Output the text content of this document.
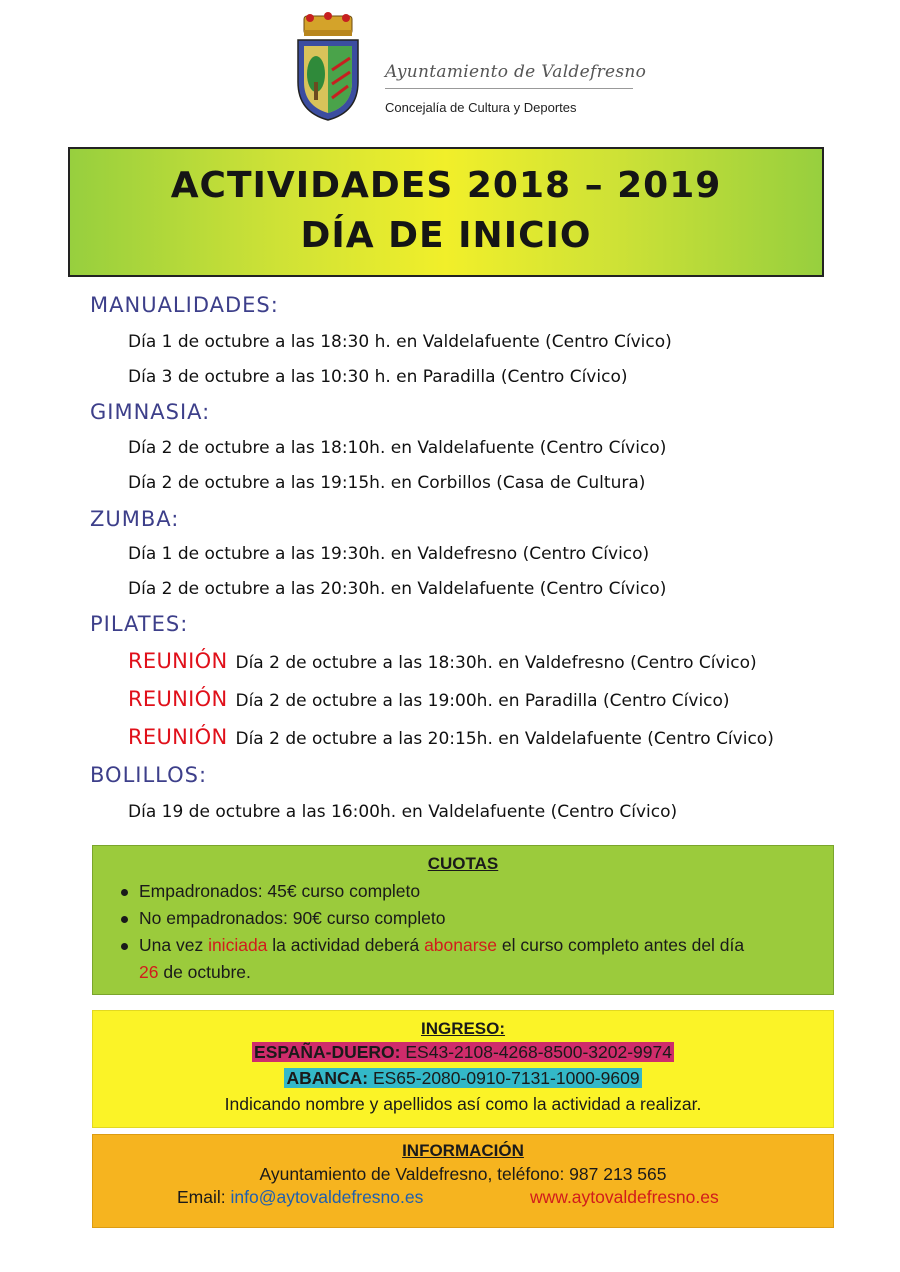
Ayuntamiento de Valdefresno
Concejalía de Cultura y Deportes
ACTIVIDADES 2018 – 2019
DÍA DE INICIO
MANUALIDADES:
Día 1 de octubre a las 18:30 h. en Valdelafuente (Centro Cívico)
Día 3 de octubre a las 10:30 h. en Paradilla (Centro Cívico)
GIMNASIA:
Día 2 de octubre a las 18:10h. en Valdelafuente (Centro Cívico)
Día 2 de octubre a las 19:15h. en Corbillos (Casa de Cultura)
ZUMBA:
Día 1 de octubre a las 19:30h. en Valdefresno (Centro Cívico)
Día 2 de octubre a las 20:30h. en Valdelafuente (Centro Cívico)
PILATES:
REUNIÓN Día 2 de octubre a las 18:30h. en Valdefresno (Centro Cívico)
REUNIÓN Día 2 de octubre a las 19:00h. en Paradilla (Centro Cívico)
REUNIÓN Día 2 de octubre a las 20:15h. en Valdelafuente (Centro Cívico)
BOLILLOS:
Día 19 de octubre a las 16:00h. en Valdelafuente (Centro Cívico)
CUOTAS
Empadronados: 45€ curso completo
No empadronados: 90€ curso completo
Una vez iniciada la actividad deberá abonarse el curso completo antes del día
26 de octubre.
INGRESO:
ESPAÑA-DUERO: ES43-2108-4268-8500-3202-9974
ABANCA: ES65-2080-0910-7131-1000-9609
Indicando nombre y apellidos así como la actividad a realizar.
INFORMACIÓN
Ayuntamiento de Valdefresno, teléfono: 987 213 565
Email: info@aytovaldefresno.es	www.aytovaldefresno.es
